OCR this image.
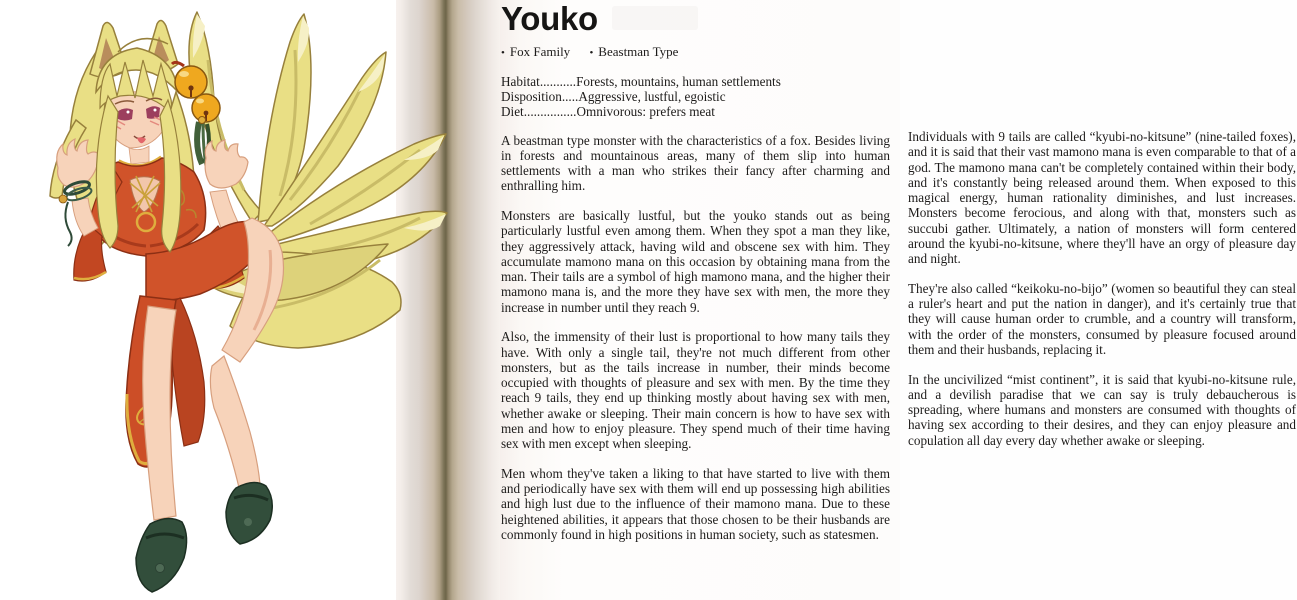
Youko
• Fox Family • Beastman Type
Habitat...........Forests, mountains, human settlements
Disposition.....Aggressive, lustful, egoistic
Diet................Omnivorous: prefers meat

A beastman type monster with the characteristics of a fox. Besides living in forests and mountainous areas, many of them slip into human settlements with a man who strikes their fancy after charming and enthralling him.

Monsters are basically lustful, but the youko stands out as being particularly lustful even among them. When they spot a man they like, they aggressively attack, having wild and obscene sex with him. They accumulate mamono mana on this occasion by obtaining mana from the man. Their tails are a symbol of high mamono mana, and the higher their mamono mana is, and the more they have sex with men, the more they increase in number until they reach 9.

Also, the immensity of their lust is proportional to how many tails they have. With only a single tail, they're not much different from other monsters, but as the tails increase in number, their minds become occupied with thoughts of pleasure and sex with men. By the time they reach 9 tails, they end up thinking mostly about having sex with men, whether awake or sleeping. Their main concern is how to have sex with men and how to enjoy pleasure. They spend much of their time having sex with men except when sleeping.

Men whom they've taken a liking to that have started to live with them and periodically have sex with them will end up possessing high abilities and high lust due to the influence of their mamono mana. Due to these heightened abilities, it appears that those chosen to be their husbands are commonly found in high positions in human society, such as statesmen.

Individuals with 9 tails are called “kyubi-no-kitsune” (nine-tailed foxes), and it is said that their vast mamono mana is even comparable to that of a god. The mamono mana can't be completely contained within their body, and it's constantly being released around them. When exposed to this magical energy, human rationality diminishes, and lust increases. Monsters become ferocious, and along with that, monsters such as succubi gather. Ultimately, a nation of monsters will form centered around the kyubi-no-kitsune, where they'll have an orgy of pleasure day and night.

They're also called “keikoku-no-bijo” (women so beautiful they can steal a ruler's heart and put the nation in danger), and it's certainly true that they will cause human order to crumble, and a country will transform, with the order of the monsters, consumed by pleasure focused around them and their husbands, replacing it.

In the uncivilized “mist continent”, it is said that kyubi-no-kitsune rule, and a devilish paradise that we can say is truly debaucherous is spreading, where humans and monsters are consumed with thoughts of having sex according to their desires, and they can enjoy pleasure and copulation all day every day whether awake or sleeping.
